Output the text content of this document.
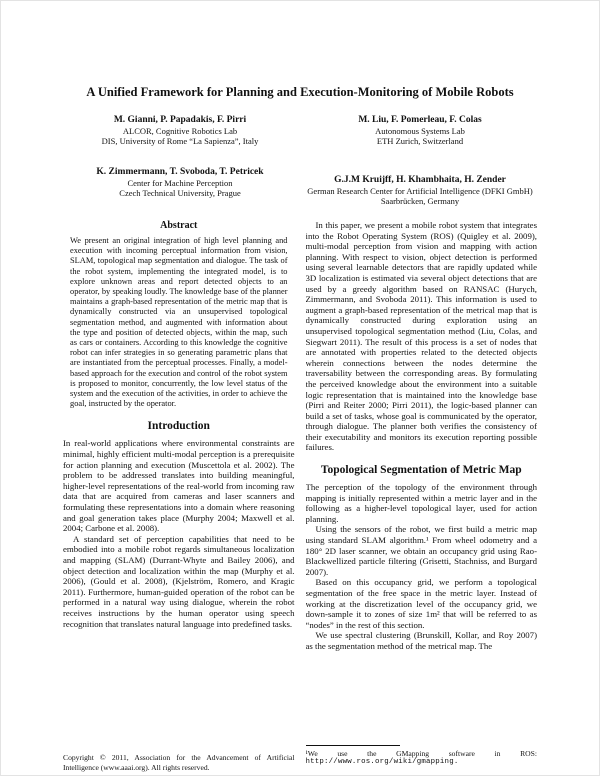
A Unified Framework for Planning and Execution-Monitoring of Mobile Robots
M. Gianni, P. Papadakis, F. Pirri
ALCOR, Cognitive Robotics Lab
DIS, University of Rome “La Sapienza”, Italy
M. Liu, F. Pomerleau, F. Colas
Autonomous Systems Lab
ETH Zurich, Switzerland
K. Zimmermann, T. Svoboda, T. Petricek
Center for Machine Perception
Czech Technical University, Prague
G.J.M Kruijff, H. Khambhaita, H. Zender
German Research Center for Artificial Intelligence (DFKI GmbH)
Saarbrücken, Germany
Abstract

We present an original integration of high level planning and execution with incoming perceptual information from vision, SLAM, topological map segmentation and dialogue. The task of the robot system, implementing the integrated model, is to explore unknown areas and report detected objects to an operator, by speaking loudly. The knowledge base of the planner maintains a graph-based representation of the metric map that is dynamically constructed via an unsupervised topological segmentation method, and augmented with information about the type and position of detected objects, within the map, such as cars or containers. According to this knowledge the cognitive robot can infer strategies in so generating parametric plans that are instantiated from the perceptual processes. Finally, a model-based approach for the execution and control of the robot system is proposed to monitor, concurrently, the low level status of the system and the execution of the activities, in order to achieve the goal, instructed by the operator.

Introduction

In real-world applications where environmental constraints are minimal, highly efficient multi-modal perception is a prerequisite for action planning and execution (Muscettola et al. 2002). The problem to be addressed translates into building meaningful, higher-level representations of the real-world from incoming raw data that are acquired from cameras and laser scanners and formulating these representations into a domain where reasoning and goal generation takes place (Murphy 2004; Maxwell et al. 2004; Carbone et al. 2008).

A standard set of perception capabilities that need to be embodied into a mobile robot regards simultaneous localization and mapping (SLAM) (Durrant-Whyte and Bailey 2006), and object detection and localization within the map (Murphy et al. 2006), (Gould et al. 2008), (Kjelström, Romero, and Kragic 2011). Furthermore, human-guided operation of the robot can be performed in a natural way using dialogue, wherein the robot receives instructions by the human operator using speech recognition that translates natural language into predefined tasks.

Copyright © 2011, Association for the Advancement of Artificial Intelligence (www.aaai.org). All rights reserved.

In this paper, we present a mobile robot system that integrates into the Robot Operating System (ROS) (Quigley et al. 2009), multi-modal perception from vision and mapping with action planning. With respect to vision, object detection is performed using several learnable detectors that are rapidly updated while 3D localization is estimated via several object detections that are used by a greedy algorithm based on RANSAC (Hurych, Zimmermann, and Svoboda 2011). This information is used to augment a graph-based representation of the metrical map that is dynamically constructed during exploration using an unsupervised topological segmentation method (Liu, Colas, and Siegwart 2011). The result of this process is a set of nodes that are annotated with properties related to the detected objects wherein connections between the nodes determine the traversability between the corresponding areas. By formulating the perceived knowledge about the environment into a suitable logic representation that is maintained into the knowledge base (Pirri and Reiter 2000; Pirri 2011), the logic-based planner can build a set of tasks, whose goal is communicated by the operator, through dialogue. The planner both verifies the consistency of their executability and monitors its execution reporting possible failures.

Topological Segmentation of Metric Map

The perception of the topology of the environment through mapping is initially represented within a metric layer and in the following as a higher-level topological layer, used for action planning.

Using the sensors of the robot, we first build a metric map using standard SLAM algorithm.¹ From wheel odometry and a 180° 2D laser scanner, we obtain an occupancy grid using Rao-Blackwellized particle filtering (Grisetti, Stachniss, and Burgard 2007).

Based on this occupancy grid, we perform a topological segmentation of the free space in the metric layer. Instead of working at the discretization level of the occupancy grid, we down-sample it to zones of size 1m² that will be referred to as “nodes” in the rest of this section.

We use spectral clustering (Brunskill, Kollar, and Roy 2007) as the segmentation method of the metrical map. The

¹We use the GMapping software in ROS:
http://www.ros.org/wiki/gmapping.
